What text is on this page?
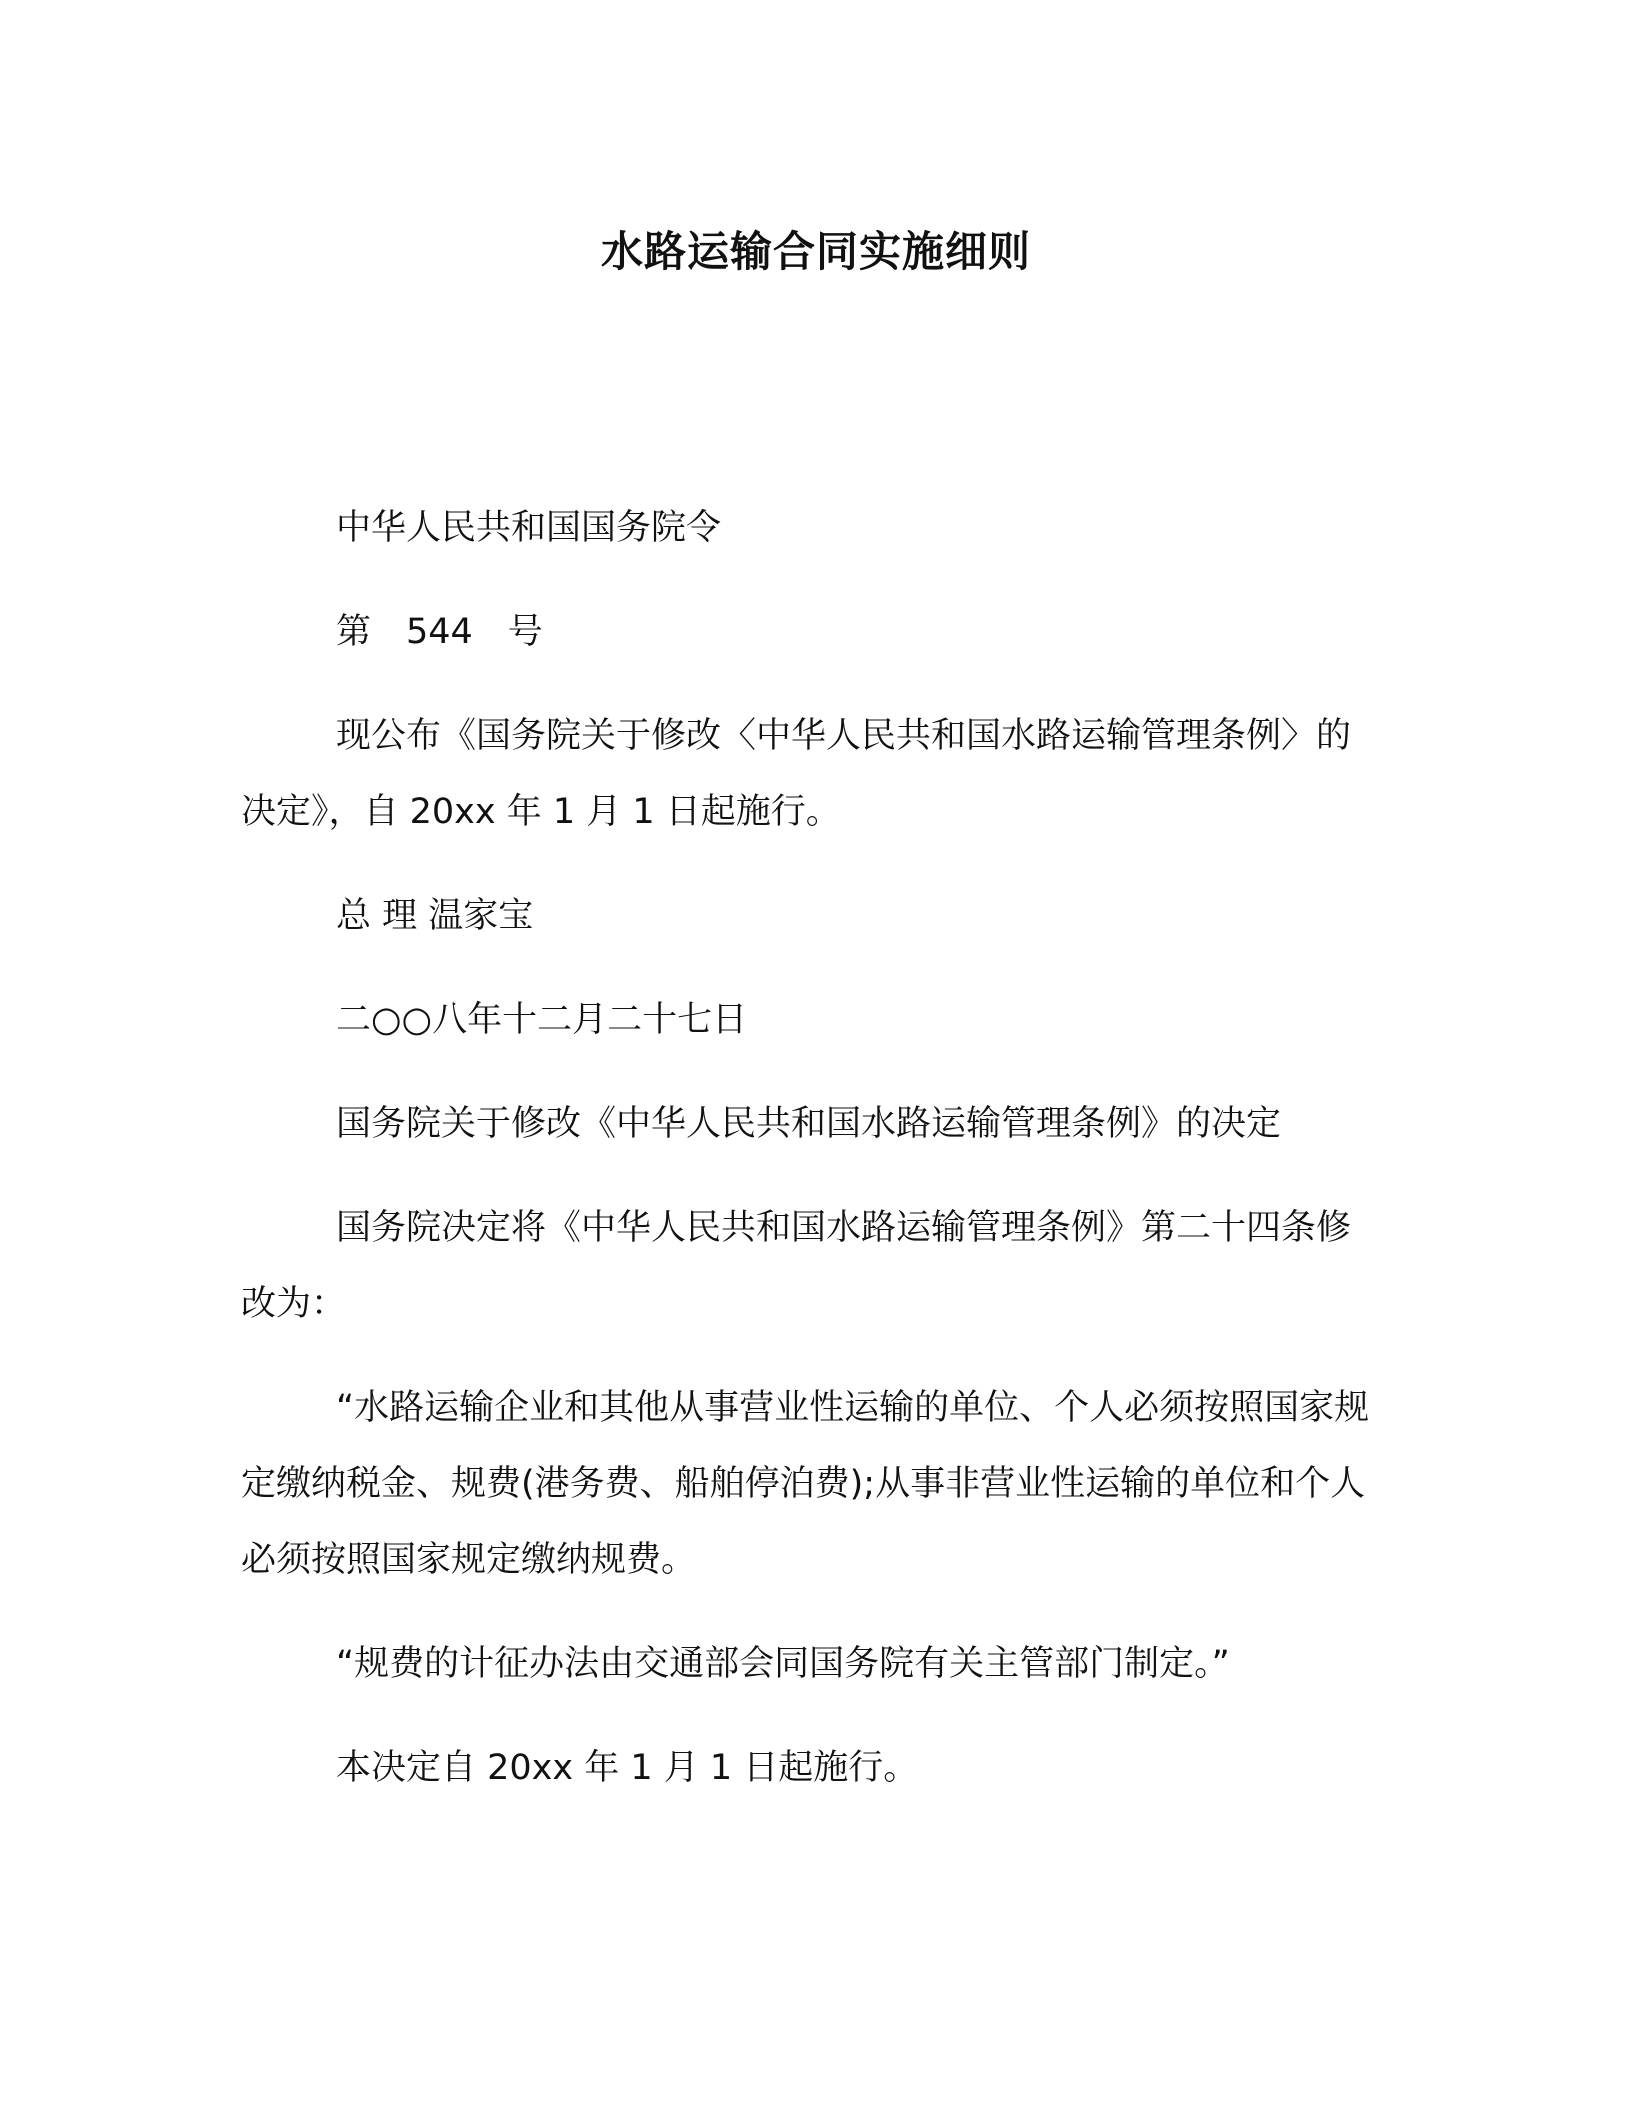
水路运输合同实施细则

中华人民共和国国务院令

第　544　号

现公布《国务院关于修改〈中华人民共和国水路运输管理条例〉的决定》，自 20xx 年 1 月 1 日起施行。

总 理 温家宝

二○○八年十二月二十七日

国务院关于修改《中华人民共和国水路运输管理条例》的决定

国务院决定将《中华人民共和国水路运输管理条例》第二十四条修改为：

“水路运输企业和其他从事营业性运输的单位、个人必须按照国家规定缴纳税金、规费(港务费、船舶停泊费);从事非营业性运输的单位和个人必须按照国家规定缴纳规费。

“规费的计征办法由交通部会同国务院有关主管部门制定。”

本决定自 20xx 年 1 月 1 日起施行。
